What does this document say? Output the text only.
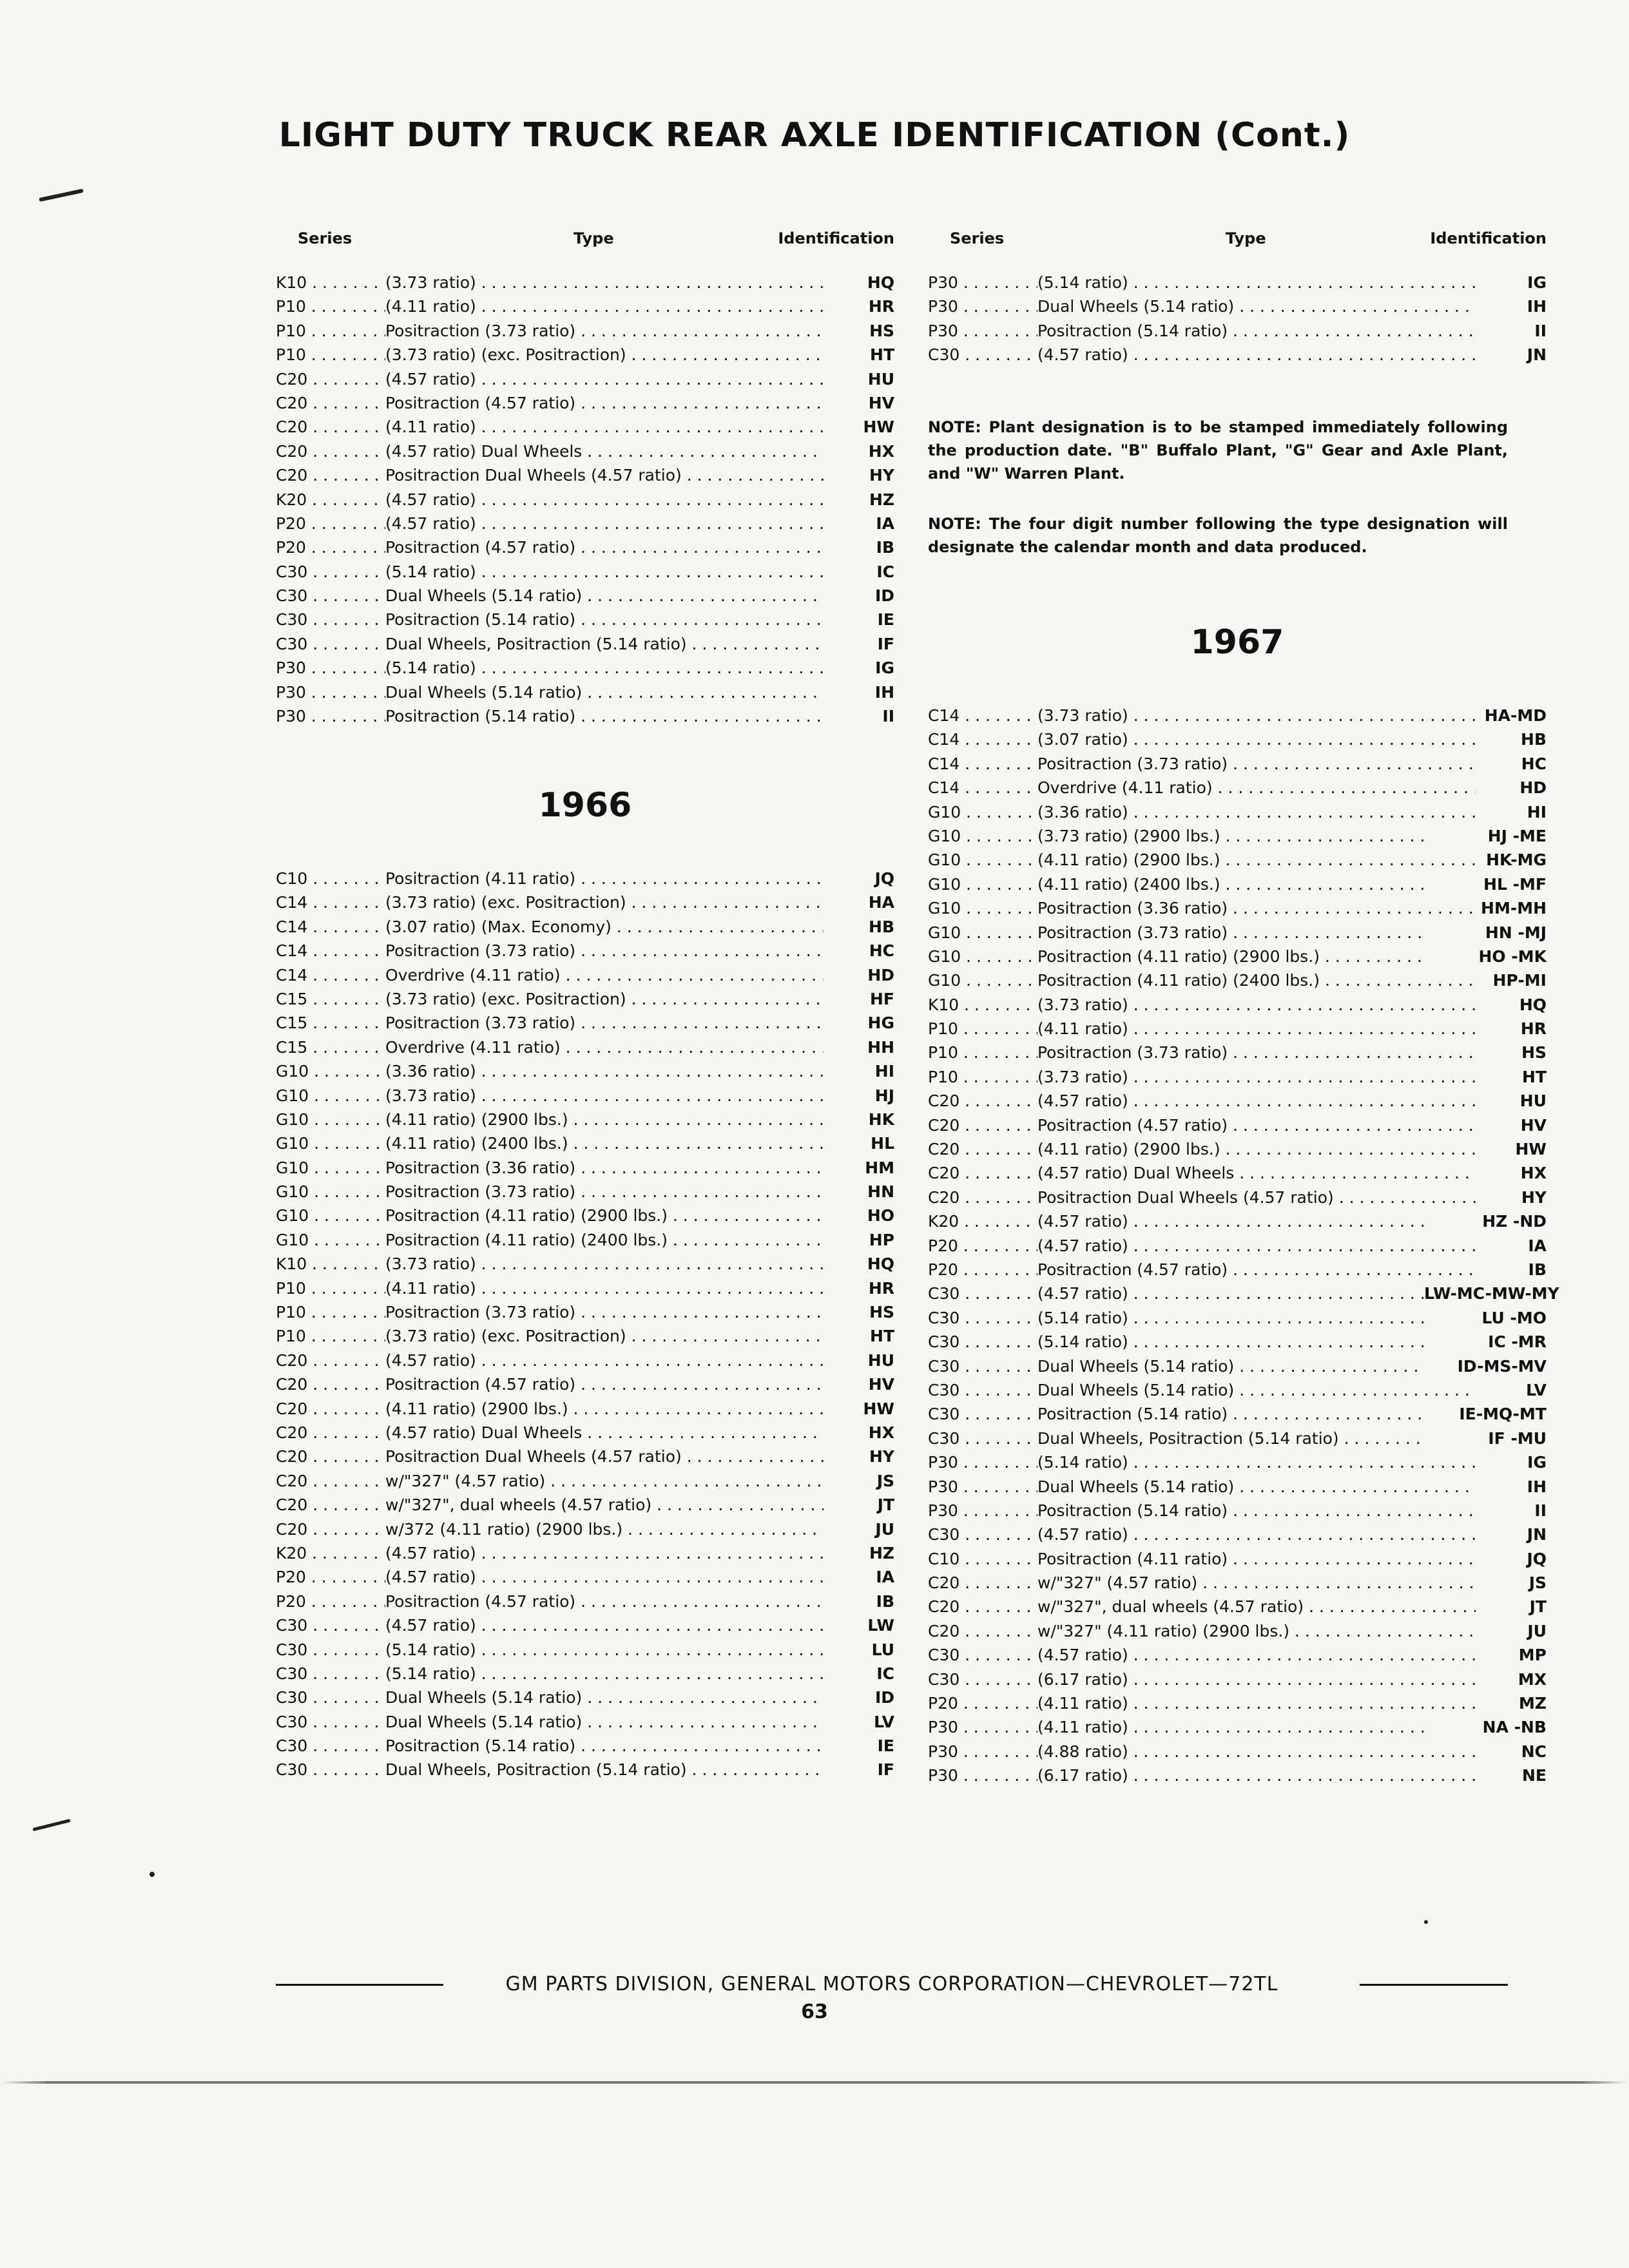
LIGHT DUTY TRUCK REAR AXLE IDENTIFICATION (Cont.)
Series	Type	Identification
K10 . . .	(3.73 ratio) . . .	HQ
P10 . . .	(4.11 ratio) . . .	HR
P10 . . .	Positraction (3.73 ratio) . . .	HS
P10 . . .	(3.73 ratio) (exc. Positraction) . . .	HT
C20 . . .	(4.57 ratio) . . .	HU
C20 . . .	Positraction (4.57 ratio) . . .	HV
C20 . . .	(4.11 ratio) . . .	HW
C20 . . .	(4.57 ratio) Dual Wheels . . .	HX
C20 . . .	Positraction Dual Wheels (4.57 ratio) . . .	HY
K20 . . .	(4.57 ratio) . . .	HZ
P20 . . .	(4.57 ratio) . . .	IA
P20 . . .	Positraction (4.57 ratio) . . .	IB
C30 . . .	(5.14 ratio) . . .	IC
C30 . . .	Dual Wheels (5.14 ratio) . . .	ID
C30 . . .	Positraction (5.14 ratio) . . .	IE
C30 . . .	Dual Wheels, Positraction (5.14 ratio) . . .	IF
P30 . . .	(5.14 ratio) . . .	IG
P30 . . .	Dual Wheels (5.14 ratio) . . .	IH
P30 . . .	Positraction (5.14 ratio) . . .	II
1966
C10 . . .	Positraction (4.11 ratio) . . .	JQ
C14 . . .	(3.73 ratio) (exc. Positraction) . . .	HA
C14 . . .	(3.07 ratio) (Max. Economy) . . .	HB
C14 . . .	Positraction (3.73 ratio) . . .	HC
C14 . . .	Overdrive (4.11 ratio) . . .	HD
C15 . . .	(3.73 ratio) (exc. Positraction) . . .	HF
C15 . . .	Positraction (3.73 ratio) . . .	HG
C15 . . .	Overdrive (4.11 ratio) . . .	HH
G10 . . .	(3.36 ratio) . . .	HI
G10 . . .	(3.73 ratio) . . .	HJ
G10 . . .	(4.11 ratio) (2900 lbs.) . . .	HK
G10 . . .	(4.11 ratio) (2400 lbs.) . . .	HL
G10 . . .	Positraction (3.36 ratio) . . .	HM
G10 . . .	Positraction (3.73 ratio) . . .	HN
G10 . . .	Positraction (4.11 ratio) (2900 lbs.) . . .	HO
G10 . . .	Positraction (4.11 ratio) (2400 lbs.) . . .	HP
K10 . . .	(3.73 ratio) . . .	HQ
P10 . . .	(4.11 ratio) . . .	HR
P10 . . .	Positraction (3.73 ratio) . . .	HS
P10 . . .	(3.73 ratio) (exc. Positraction) . . .	HT
C20 . . .	(4.57 ratio) . . .	HU
C20 . . .	Positraction (4.57 ratio) . . .	HV
C20 . . .	(4.11 ratio) (2900 lbs.) . . .	HW
C20 . . .	(4.57 ratio) Dual Wheels . . .	HX
C20 . . .	Positraction Dual Wheels (4.57 ratio) . . .	HY
C20 . . .	w/"327" (4.57 ratio) . . .	JS
C20 . . .	w/"327", dual wheels (4.57 ratio) . . .	JT
C20 . . .	w/372 (4.11 ratio) (2900 lbs.) . . .	JU
K20 . . .	(4.57 ratio) . . .	HZ
P20 . . .	(4.57 ratio) . . .	IA
P20 . . .	Positraction (4.57 ratio) . . .	IB
C30 . . .	(4.57 ratio) . . .	LW
C30 . . .	(5.14 ratio) . . .	LU
C30 . . .	(5.14 ratio) . . .	IC
C30 . . .	Dual Wheels (5.14 ratio) . . .	ID
C30 . . .	Dual Wheels (5.14 ratio) . . .	LV
C30 . . .	Positraction (5.14 ratio) . . .	IE
C30 . . .	Dual Wheels, Positraction (5.14 ratio) . . .	IF
Series	Type	Identification
P30 . . .	(5.14 ratio) . . .	IG
P30 . . .	Dual Wheels (5.14 ratio) . . .	IH
P30 . . .	Positraction (5.14 ratio) . . .	II
C30 . . .	(4.57 ratio) . . .	JN
NOTE: Plant designation is to be stamped immediately following the production date. "B" Buffalo Plant, "G" Gear and Axle Plant, and "W" Warren Plant.
NOTE: The four digit number following the type designation will designate the calendar month and data produced.
1967
C14 . . .	(3.73 ratio) . . .	HA-MD
C14 . . .	(3.07 ratio) . . .	HB
C14 . . .	Positraction (3.73 ratio) . . .	HC
C14 . . .	Overdrive (4.11 ratio) . . .	HD
G10 . . .	(3.36 ratio) . . .	HI
G10 . . .	(3.73 ratio) (2900 lbs.) . . .	HJ -ME
G10 . . .	(4.11 ratio) (2900 lbs.) . . .	HK-MG
G10 . . .	(4.11 ratio) (2400 lbs.) . . .	HL -MF
G10 . . .	Positraction (3.36 ratio) . . .	HM-MH
G10 . . .	Positraction (3.73 ratio) . . .	HN -MJ
G10 . . .	Positraction (4.11 ratio) (2900 lbs.) . . .	HO -MK
G10 . . .	Positraction (4.11 ratio) (2400 lbs.) . . .	HP-MI
K10 . . .	(3.73 ratio) . . .	HQ
P10 . . .	(4.11 ratio) . . .	HR
P10 . . .	Positraction (3.73 ratio) . . .	HS
P10 . . .	(3.73 ratio) . . .	HT
C20 . . .	(4.57 ratio) . . .	HU
C20 . . .	Positraction (4.57 ratio) . . .	HV
C20 . . .	(4.11 ratio) (2900 lbs.) . . .	HW
C20 . . .	(4.57 ratio) Dual Wheels . . .	HX
C20 . . .	Positraction Dual Wheels (4.57 ratio) . . .	HY
K20 . . .	(4.57 ratio) . . .	HZ -ND
P20 . . .	(4.57 ratio) . . .	IA
P20 . . .	Positraction (4.57 ratio) . . .	IB
C30 . . .	(4.57 ratio) . . .	LW-MC-MW-MY
C30 . . .	(5.14 ratio) . . .	LU -MO
C30 . . .	(5.14 ratio) . . .	IC -MR
C30 . . .	Dual Wheels (5.14 ratio) . . .	ID-MS-MV
C30 . . .	Dual Wheels (5.14 ratio) . . .	LV
C30 . . .	Positraction (5.14 ratio) . . .	IE-MQ-MT
C30 . . .	Dual Wheels, Positraction (5.14 ratio) . . .	IF -MU
P30 . . .	(5.14 ratio) . . .	IG
P30 . . .	Dual Wheels (5.14 ratio) . . .	IH
P30 . . .	Positraction (5.14 ratio) . . .	II
C30 . . .	(4.57 ratio) . . .	JN
C10 . . .	Positraction (4.11 ratio) . . .	JQ
C20 . . .	w/"327" (4.57 ratio) . . .	JS
C20 . . .	w/"327", dual wheels (4.57 ratio) . . .	JT
C20 . . .	w/"327" (4.11 ratio) (2900 lbs.) . . .	JU
C30 . . .	(4.57 ratio) . . .	MP
C30 . . .	(6.17 ratio) . . .	MX
P20 . . .	(4.11 ratio) . . .	MZ
P30 . . .	(4.11 ratio) . . .	NA -NB
P30 . . .	(4.88 ratio) . . .	NC
P30 . . .	(6.17 ratio) . . .	NE
GM PARTS DIVISION, GENERAL MOTORS CORPORATION—CHEVROLET—72TL
63
